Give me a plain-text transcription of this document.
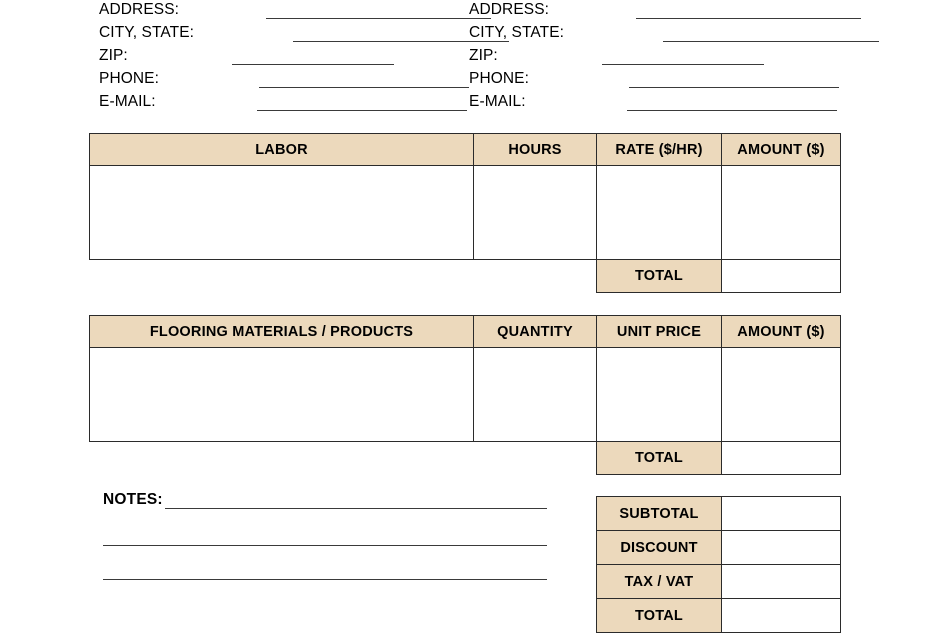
ADDRESS:
CITY, STATE:
ZIP:
PHONE:
E-MAIL:
ADDRESS:
CITY, STATE:
ZIP:
PHONE:
E-MAIL:
LABOR	HOURS	RATE ($/HR)	AMOUNT ($)

		TOTAL	
FLOORING MATERIALS / PRODUCTS	QUANTITY	UNIT PRICE	AMOUNT ($)

		TOTAL	
NOTES:
SUBTOTAL	
DISCOUNT	
TAX / VAT	
TOTAL	
